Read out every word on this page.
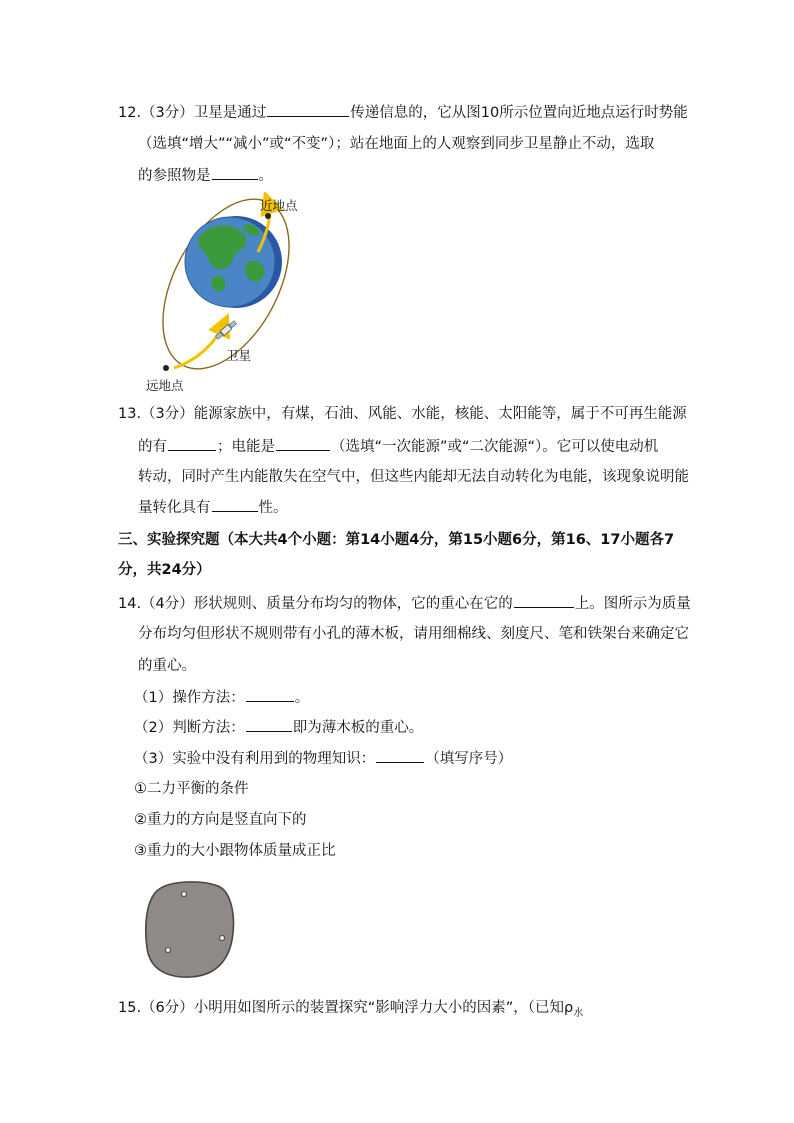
12.（3分）卫星是通过	传递信息的，它从图10所示位置向近地点运行时势能
（选填“增大”“减小”或“不变”）；站在地面上的人观察到同步卫星静止不动，选取
的参照物是	。
近地点
远地点
卫星
13.（3分）能源家族中，有煤，石油、风能、水能，核能、太阳能等，属于不可再生能源
的有	；电能是	（选填“一次能源”或“二次能源“）。它可以使电动机
转动，同时产生内能散失在空气中，但这些内能却无法自动转化为电能，该现象说明能
量转化具有	性。
三、实验探究题（本大共4个小题：第14小题4分，第15小题6分，第16、17小题各7
分，共24分）
14.（4分）形状规则、质量分布均匀的物体，它的重心在它的	上。图所示为质量
分布均匀但形状不规则带有小孔的薄木板，请用细棉线、刻度尺、笔和铁架台来确定它
的重心。
（1）操作方法：	。
（2）判断方法：	即为薄木板的重心。
（3）实验中没有利用到的物理知识：	（填写序号）
①二力平衡的条件
②重力的方向是竖直向下的
③重力的大小跟物体质量成正比
15.（6分）小明用如图所示的装置探究“影响浮力大小的因素”，（已知$\rho_水$
